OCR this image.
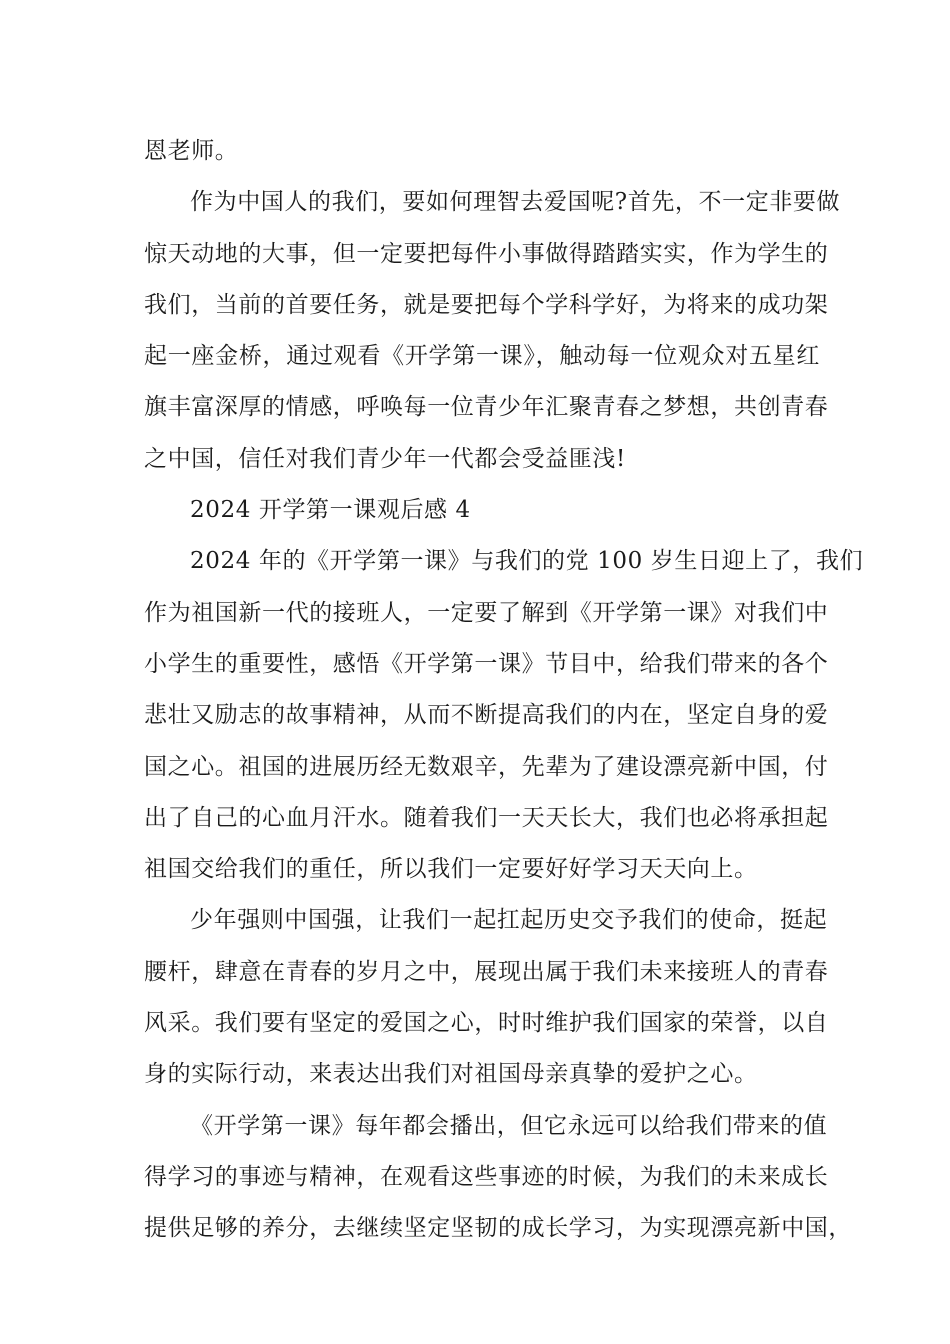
恩老师。
作为中国人的我们，要如何理智去爱国呢?首先，不一定非要做
惊天动地的大事，但一定要把每件小事做得踏踏实实，作为学生的
我们，当前的首要任务，就是要把每个学科学好，为将来的成功架
起一座金桥，通过观看《开学第一课》，触动每一位观众对五星红
旗丰富深厚的情感，呼唤每一位青少年汇聚青春之梦想，共创青春
之中国，信任对我们青少年一代都会受益匪浅!
2024 开学第一课观后感 4
2024 年的《开学第一课》与我们的党 100 岁生日迎上了，我们
作为祖国新一代的接班人，一定要了解到《开学第一课》对我们中
小学生的重要性，感悟《开学第一课》节目中，给我们带来的各个
悲壮又励志的故事精神，从而不断提高我们的内在，坚定自身的爱
国之心。祖国的进展历经无数艰辛，先辈为了建设漂亮新中国，付
出了自己的心血月汗水。随着我们一天天长大，我们也必将承担起
祖国交给我们的重任，所以我们一定要好好学习天天向上。
少年强则中国强，让我们一起扛起历史交予我们的使命，挺起
腰杆，肆意在青春的岁月之中，展现出属于我们未来接班人的青春
风采。我们要有坚定的爱国之心，时时维护我们国家的荣誉，以自
身的实际行动，来表达出我们对祖国母亲真挚的爱护之心。
《开学第一课》每年都会播出，但它永远可以给我们带来的值
得学习的事迹与精神，在观看这些事迹的时候，为我们的未来成长
提供足够的养分，去继续坚定坚韧的成长学习，为实现漂亮新中国，
